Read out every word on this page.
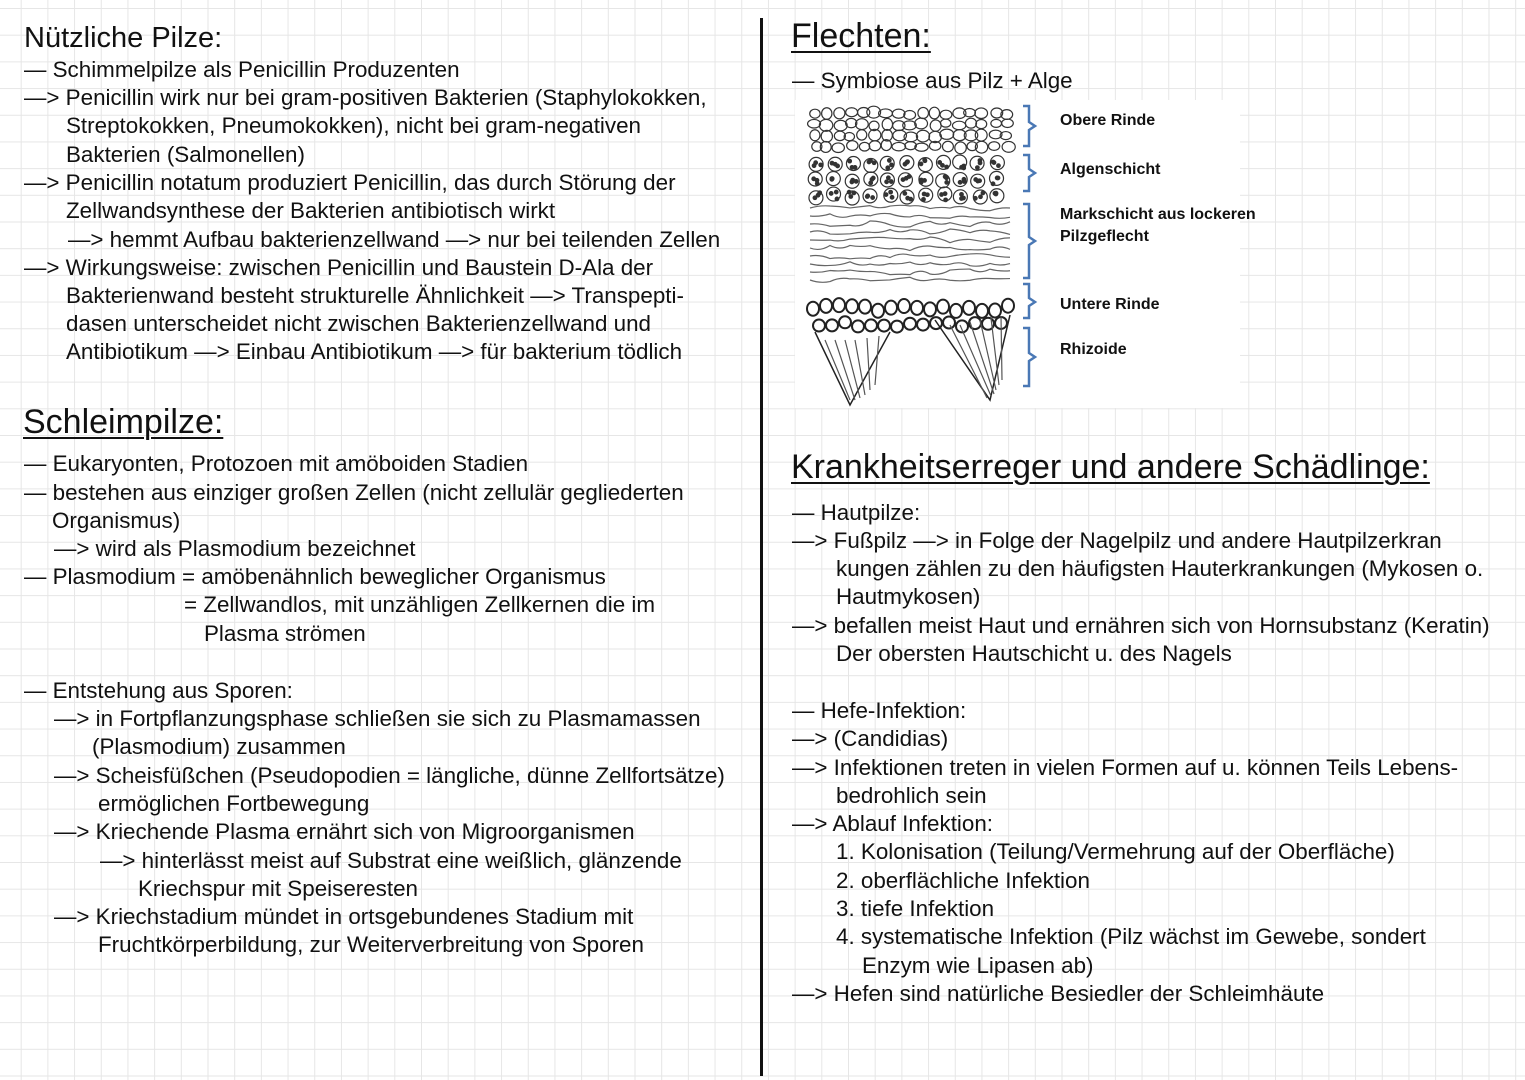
Nützliche Pilze:
— Schimmelpilze als Penicillin Produzenten
—> Penicillin wirk nur bei gram-positiven Bakterien (Staphylokokken,
Streptokokken, Pneumokokken), nicht bei gram-negativen
Bakterien (Salmonellen)
—> Penicillin notatum produziert Penicillin, das durch Störung der
Zellwandsynthese der Bakterien antibiotisch wirkt
—> hemmt Aufbau bakterienzellwand —> nur bei teilenden Zellen
—> Wirkungsweise: zwischen Penicillin und Baustein D-Ala der
Bakterienwand besteht strukturelle Ähnlichkeit —> Transpepti-
dasen unterscheidet nicht zwischen Bakterienzellwand und
Antibiotikum —> Einbau Antibiotikum —> für bakterium tödlich
Schleimpilze:
— Eukaryonten, Protozoen mit amöboiden Stadien
— bestehen aus einziger großen Zellen (nicht zellulär gegliederten
Organismus)
—> wird als Plasmodium bezeichnet
— Plasmodium = amöbenähnlich beweglicher Organismus
= Zellwandlos, mit unzähligen Zellkernen die im
Plasma strömen
— Entstehung aus Sporen:
—> in Fortpflanzungsphase schließen sie sich zu Plasmamassen
(Plasmodium) zusammen
—> Scheisfüßchen (Pseudopodien = längliche, dünne Zellfortsätze)
ermöglichen Fortbewegung
—> Kriechende Plasma ernährt sich von Migroorganismen
—> hinterlässt meist auf Substrat eine weißlich, glänzende
Kriechspur mit Speiseresten
—> Kriechstadium mündet in ortsgebundenes Stadium mit
Fruchtkörperbildung, zur Weiterverbreitung von Sporen
Flechten:
— Symbiose aus Pilz + Alge
Obere Rinde
Algenschicht
Markschicht aus lockeren
Pilzgeflecht
Untere Rinde
Rhizoide
Krankheitserreger und andere Schädlinge:
— Hautpilze:
—> Fußpilz —> in Folge der Nagelpilz und andere Hautpilzerkran
kungen zählen zu den häufigsten Hauterkrankungen (Mykosen o.
Hautmykosen)
—> befallen meist Haut und ernähren sich von Hornsubstanz (Keratin)
Der obersten Hautschicht u. des Nagels
— Hefe-Infektion:
—> (Candidias)
—> Infektionen treten in vielen Formen auf u. können Teils Lebens-
bedrohlich sein
—> Ablauf Infektion:
1. Kolonisation (Teilung/Vermehrung auf der Oberfläche)
2. oberflächliche Infektion
3. tiefe Infektion
4. systematische Infektion (Pilz wächst im Gewebe, sondert
Enzym wie Lipasen ab)
—> Hefen sind natürliche Besiedler der Schleimhäute
